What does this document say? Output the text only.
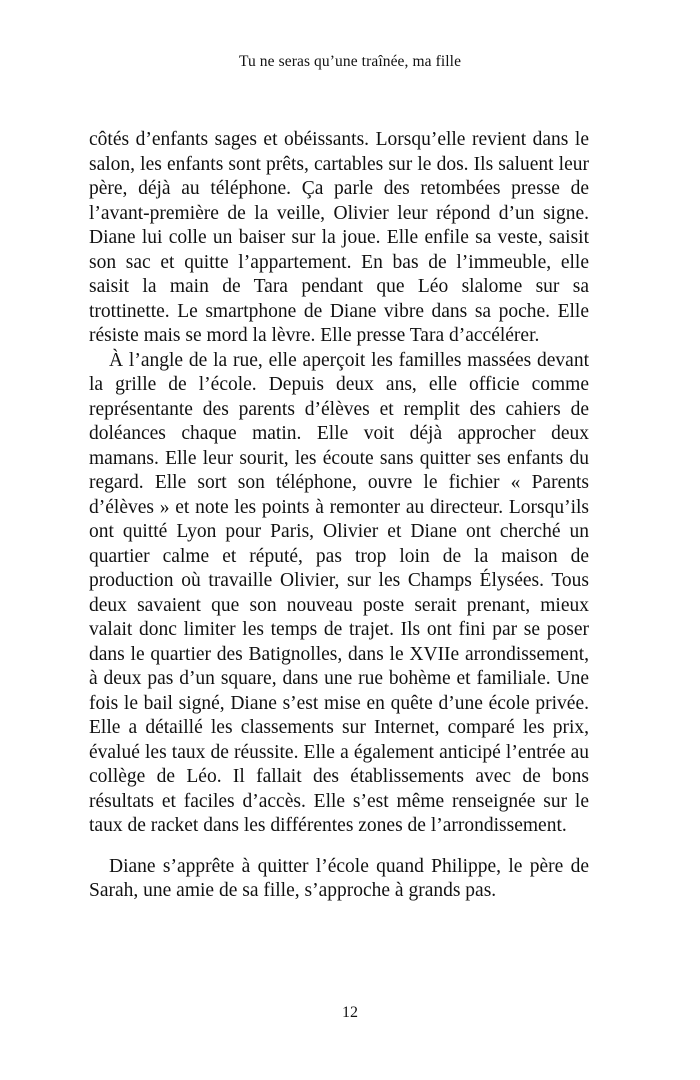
Tu ne seras qu’une traînée, ma fille

côtés d’enfants sages et obéissants. Lorsqu’elle revient dans le salon, les enfants sont prêts, cartables sur le dos. Ils saluent leur père, déjà au téléphone. Ça parle des retombées presse de l’avant-première de la veille, Olivier leur répond d’un signe. Diane lui colle un baiser sur la joue. Elle enfile sa veste, saisit son sac et quitte l’appartement. En bas de l’immeuble, elle saisit la main de Tara pendant que Léo slalome sur sa trottinette. Le smartphone de Diane vibre dans sa poche. Elle résiste mais se mord la lèvre. Elle presse Tara d’accélérer.

À l’angle de la rue, elle aperçoit les familles massées devant la grille de l’école. Depuis deux ans, elle officie comme représentante des parents d’élèves et remplit des cahiers de doléances chaque matin. Elle voit déjà approcher deux mamans. Elle leur sourit, les écoute sans quitter ses enfants du regard. Elle sort son téléphone, ouvre le fichier « Parents d’élèves » et note les points à remonter au directeur. Lorsqu’ils ont quitté Lyon pour Paris, Olivier et Diane ont cherché un quartier calme et réputé, pas trop loin de la maison de production où travaille Olivier, sur les Champs Élysées. Tous deux savaient que son nouveau poste serait prenant, mieux valait donc limiter les temps de trajet. Ils ont fini par se poser dans le quartier des Batignolles, dans le XVIIe arrondissement, à deux pas d’un square, dans une rue bohème et familiale. Une fois le bail signé, Diane s’est mise en quête d’une école privée. Elle a détaillé les classements sur Internet, comparé les prix, évalué les taux de réussite. Elle a également anticipé l’entrée au collège de Léo. Il fallait des établissements avec de bons résultats et faciles d’accès. Elle s’est même renseignée sur le taux de racket dans les différentes zones de l’arrondissement.

Diane s’apprête à quitter l’école quand Philippe, le père de Sarah, une amie de sa fille, s’approche à grands pas.

12
